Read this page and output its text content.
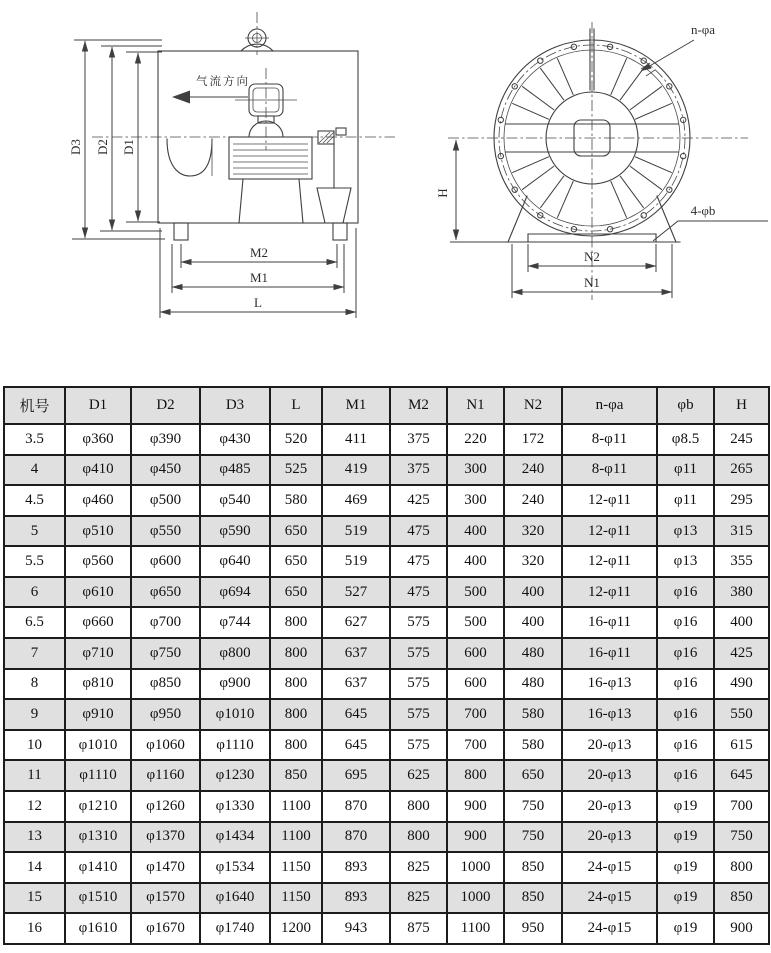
D3 D2 D1
气流方向
M2
M1
L
H
N2
N1
n-φa
4-φb
机号	D1	D2	D3	L	M1	M2	N1	N2	n-φa	φb	H
3.5	φ360	φ390	φ430	520	411	375	220	172	8-φ11	φ8.5	245
4	φ410	φ450	φ485	525	419	375	300	240	8-φ11	φ11	265
4.5	φ460	φ500	φ540	580	469	425	300	240	12-φ11	φ11	295
5	φ510	φ550	φ590	650	519	475	400	320	12-φ11	φ13	315
5.5	φ560	φ600	φ640	650	519	475	400	320	12-φ11	φ13	355
6	φ610	φ650	φ694	650	527	475	500	400	12-φ11	φ16	380
6.5	φ660	φ700	φ744	800	627	575	500	400	16-φ11	φ16	400
7	φ710	φ750	φ800	800	637	575	600	480	16-φ11	φ16	425
8	φ810	φ850	φ900	800	637	575	600	480	16-φ13	φ16	490
9	φ910	φ950	φ1010	800	645	575	700	580	16-φ13	φ16	550
10	φ1010	φ1060	φ1110	800	645	575	700	580	20-φ13	φ16	615
11	φ1110	φ1160	φ1230	850	695	625	800	650	20-φ13	φ16	645
12	φ1210	φ1260	φ1330	1100	870	800	900	750	20-φ13	φ19	700
13	φ1310	φ1370	φ1434	1100	870	800	900	750	20-φ13	φ19	750
14	φ1410	φ1470	φ1534	1150	893	825	1000	850	24-φ15	φ19	800
15	φ1510	φ1570	φ1640	1150	893	825	1000	850	24-φ15	φ19	850
16	φ1610	φ1670	φ1740	1200	943	875	1100	950	24-φ15	φ19	900
